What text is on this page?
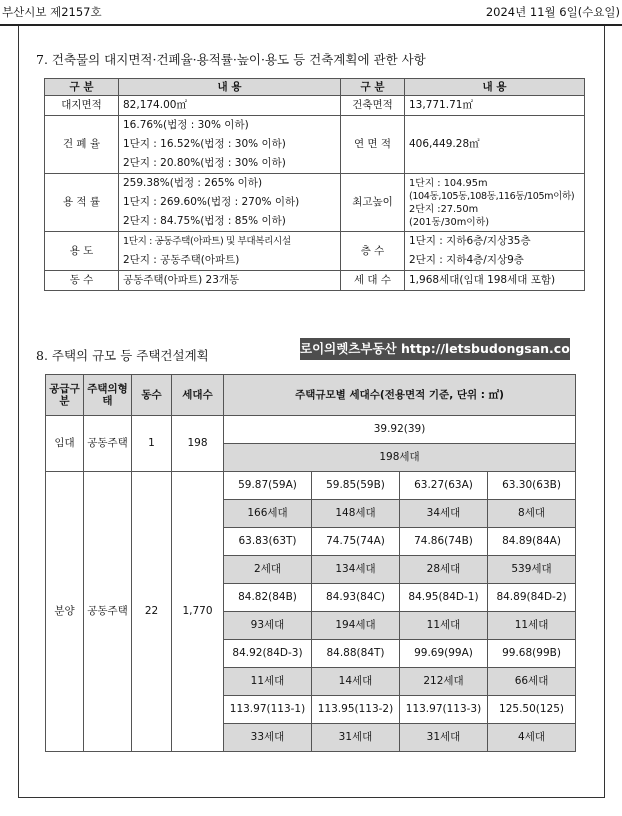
부산시보 제2157호	2024년 11월 6일(수요일)
7. 건축물의 대지면적·건폐율·용적률·높이·용도 등 건축계획에 관한 사항
구 분	내 용	구 분	내 용
대지면적	82,174.00㎡	건축면적	13,771.71㎡

건 폐 율	16.76%(법정 : 30% 이하)
1단지 : 16.52%(법정 : 30% 이하)
2단지 : 20.80%(법정 : 30% 이하)	연 면 적	406,449.28㎡

용 적 률	259.38%(법정 : 265% 이하)
1단지 : 269.60%(법정 : 270% 이하)
2단지 : 84.75%(법정 : 85% 이하)	최고높이	1단지 : 104.95m
(104동,105동,108동,116동/105m이하)
2단지 :27.50m
(201동/30m이하)

용 도	1단지 : 공동주택(아파트) 및 부대복리시설
2단지 : 공동주택(아파트)	층 수	1단지 : 지하6층/지상35층
2단지 : 지하4층/지상9층

동 수	공동주택(아파트) 23개동	세 대 수	1,968세대(임대 198세대 포함)
로이의렛츠부동산 http://letsbudongsan.com
8. 주택의 규모 등 주택건설계획
공급구분	주택의형태	동수	세대수	주택규모별 세대수(전용면적 기준, 단위 : ㎡)			
임대	공동주택	1	198	39.92(39)			
				198세대			
분양	공동주택	22	1,770	59.87(59A)	59.85(59B)	63.27(63A)	63.30(63B)
				166세대	148세대	34세대	8세대
				63.83(63T)	74.75(74A)	74.86(74B)	84.89(84A)
				2세대	134세대	28세대	539세대
				84.82(84B)	84.93(84C)	84.95(84D-1)	84.89(84D-2)
				93세대	194세대	11세대	11세대
				84.92(84D-3)	84.88(84T)	99.69(99A)	99.68(99B)
				11세대	14세대	212세대	66세대
				113.97(113-1)	113.95(113-2)	113.97(113-3)	125.50(125)
				33세대	31세대	31세대	4세대
